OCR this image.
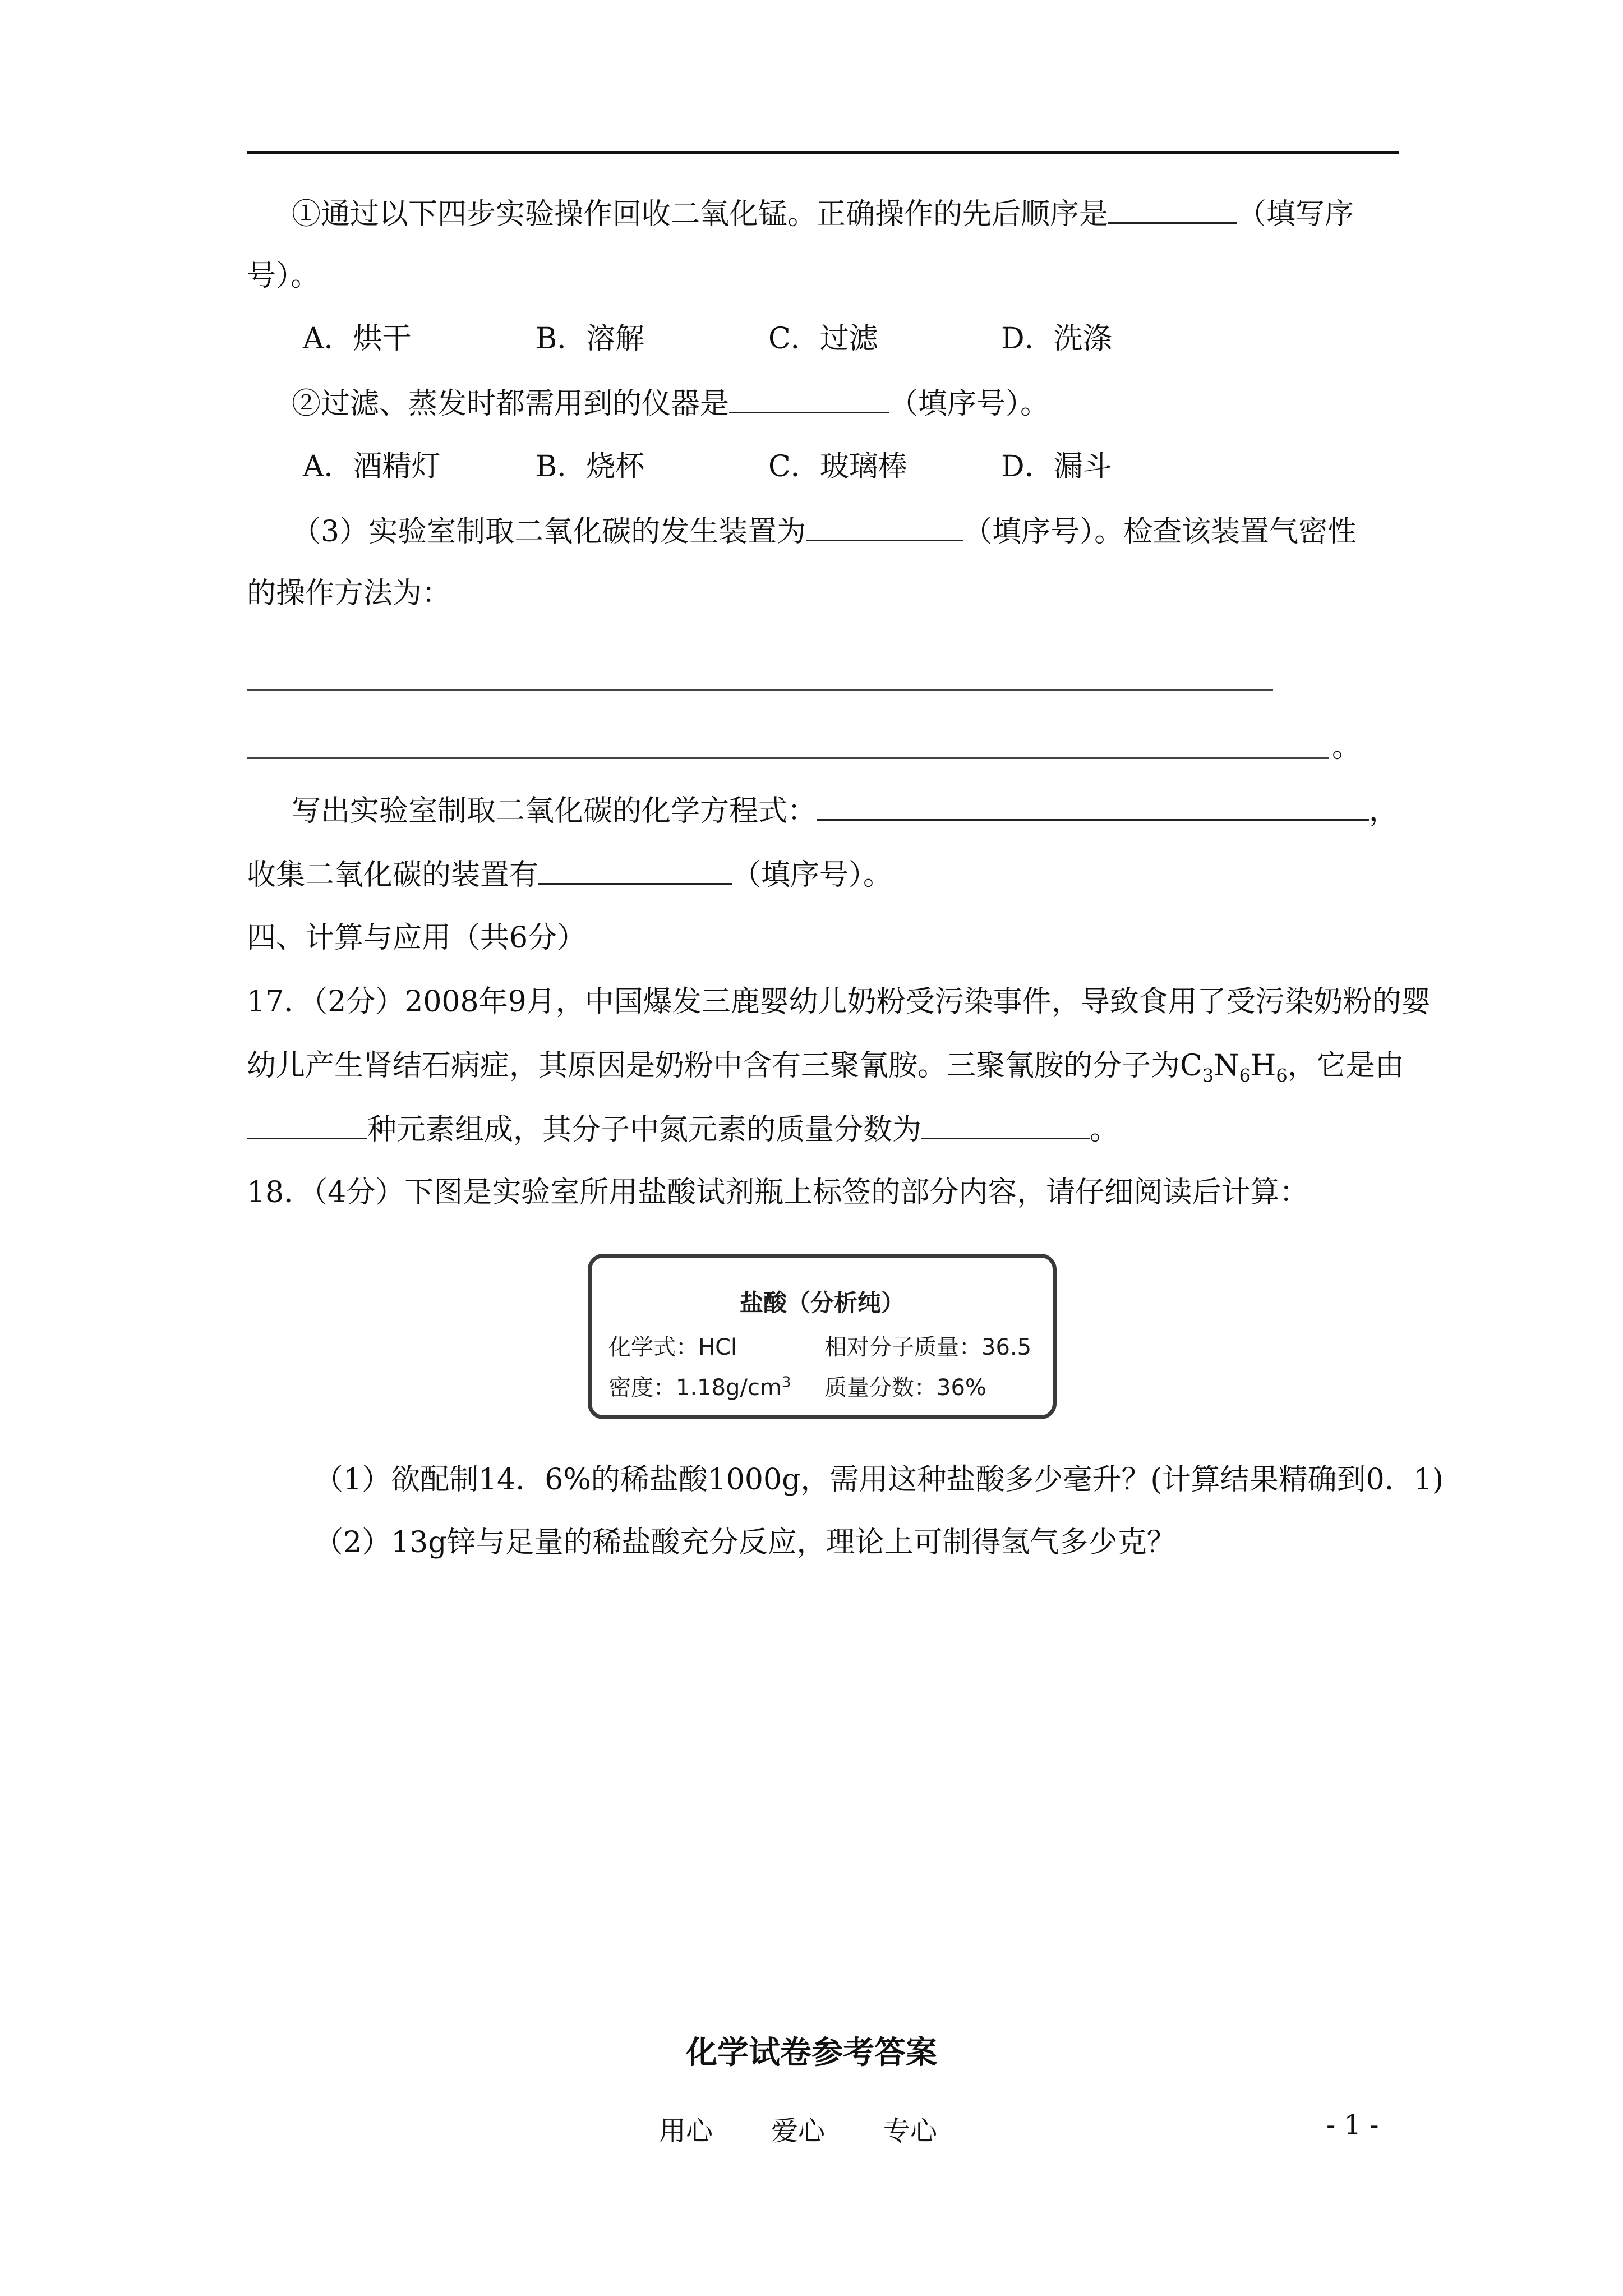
①通过以下四步实验操作回收二氧化锰。正确操作的先后顺序是	（填写序
号）。
A．烘干	B．溶解	C．过滤	D．洗涤
②过滤、蒸发时都需用到的仪器是	（填序号）。
A．酒精灯	B．烧杯	C．玻璃棒	D．漏斗
（3）实验室制取二氧化碳的发生装置为	（填序号）。检查该装置气密性
的操作方法为：
。
写出实验室制取二氧化碳的化学方程式：	，
收集二氧化碳的装置有	（填序号）。
四、计算与应用（共6分）
17．（2分）2008年9月，中国爆发三鹿婴幼儿奶粉受污染事件，导致食用了受污染奶粉的婴
幼儿产生肾结石病症，其原因是奶粉中含有三聚氰胺。三聚氰胺的分子为$C_3N_6H_6$，它是由
种元素组成，其分子中氮元素的质量分数为	。
18．（4分）下图是实验室所用盐酸试剂瓶上标签的部分内容，请仔细阅读后计算：
盐酸（分析纯）
化学式：HCl	相对分子质量：36.5
密度：$1.18g/cm^3$ 质量分数：36%
（1）欲配制14．6%的稀盐酸1000g，需用这种盐酸多少毫升？(计算结果精确到0．1)
（2）13g锌与足量的稀盐酸充分反应，理论上可制得氢气多少克？
化学试卷参考答案
用心 爱心 专心	- 1 -
